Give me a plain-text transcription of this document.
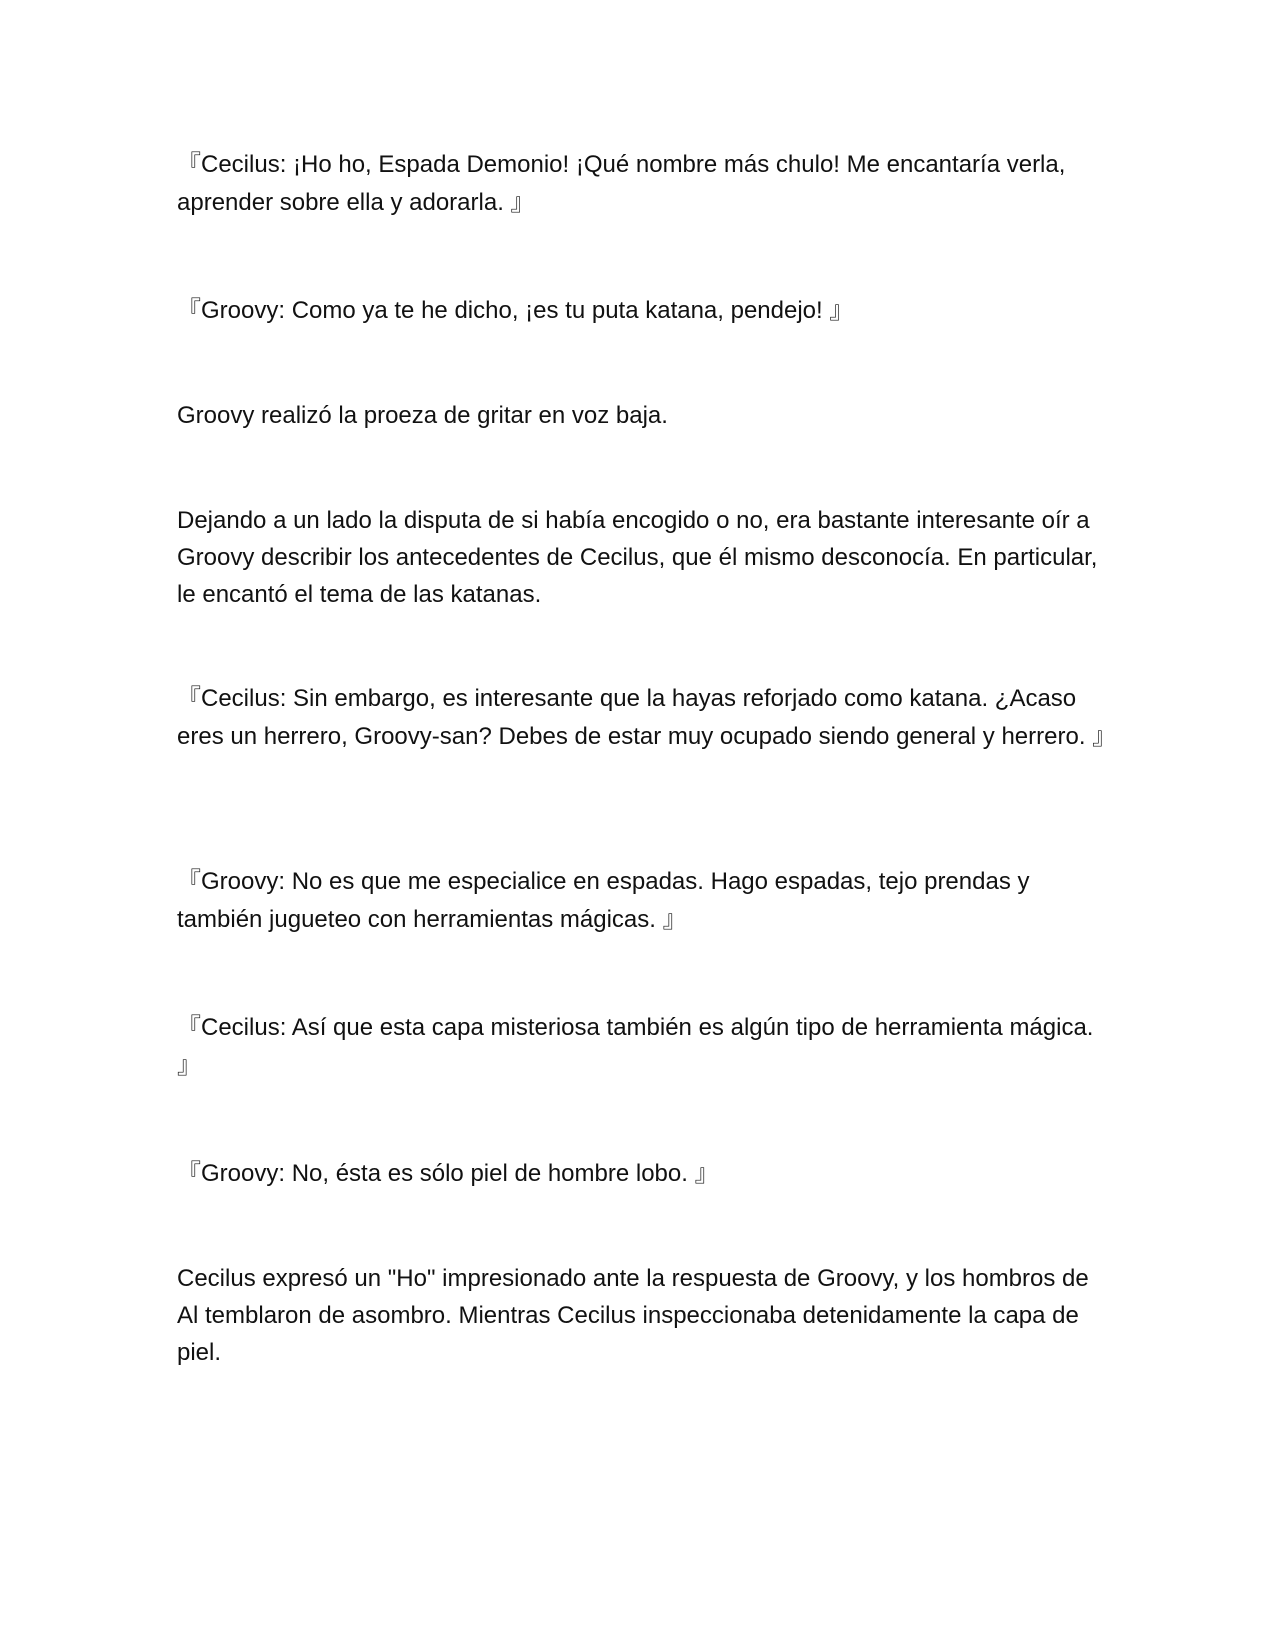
『Cecilus: ¡Ho ho, Espada Demonio! ¡Qué nombre más chulo! Me encantaría verla, aprender sobre ella y adorarla. 』

『Groovy: Como ya te he dicho, ¡es tu puta katana, pendejo! 』

Groovy realizó la proeza de gritar en voz baja.

Dejando a un lado la disputa de si había encogido o no, era bastante interesante oír a Groovy describir los antecedentes de Cecilus, que él mismo desconocía. En particular, le encantó el tema de las katanas.

『Cecilus: Sin embargo, es interesante que la hayas reforjado como katana. ¿Acaso eres un herrero, Groovy-san? Debes de estar muy ocupado siendo general y herrero. 』

『Groovy: No es que me especialice en espadas. Hago espadas, tejo prendas y también jugueteo con herramientas mágicas. 』

『Cecilus: Así que esta capa misteriosa también es algún tipo de herramienta mágica. 』

『Groovy: No, ésta es sólo piel de hombre lobo. 』

Cecilus expresó un "Ho" impresionado ante la respuesta de Groovy, y los hombros de Al temblaron de asombro. Mientras Cecilus inspeccionaba detenidamente la capa de piel.
